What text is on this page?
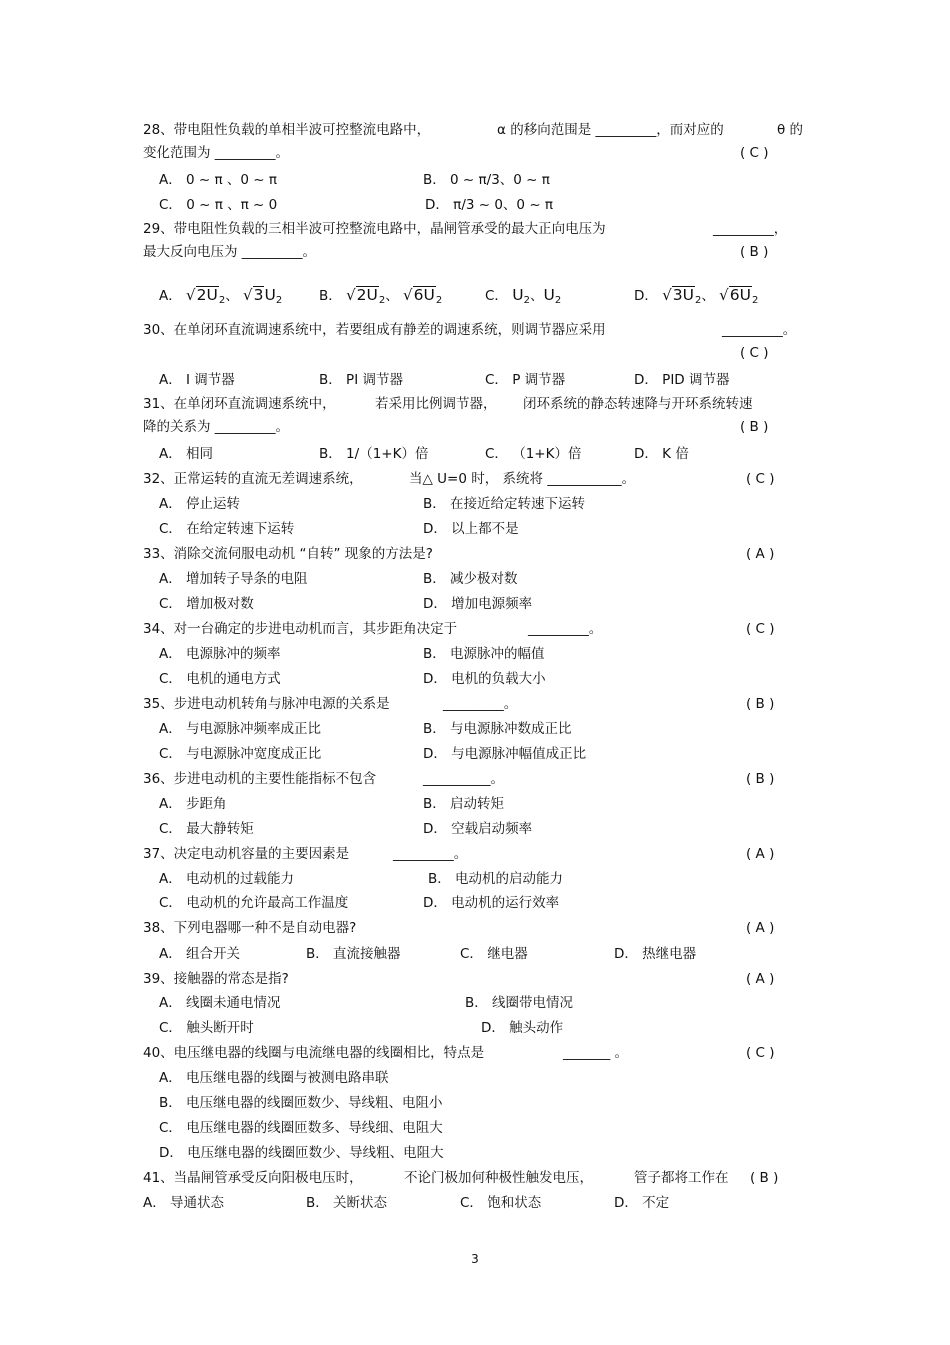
28、带电阻性负载的单相半波可控整流电路中，	α 的移向范围是 _________，而对应的	θ 的
变化范围为 _________。	( C )
A． 0 ~ π 、0 ~ π	B． 0 ~ π/3、0 ~ π
C． 0 ~ π 、π ~ 0	D． π/3 ~ 0、0 ~ π
29、带电阻性负载的三相半波可控整流电路中，晶闸管承受的最大正向电压为	_________，
最大反向电压为 _________。	( B )
A． $√2U_2$、 $√3U_2$	B． $√2U_2$、 $√6U_2$	C． $U_2$、$U_2$	D． $√3U_2$、 $√6U_2$
30、在单闭环直流调速系统中，若要组成有静差的调速系统，则调节器应采用	_________。
( C )
A． I 调节器	B． PI 调节器	C． P 调节器	D． PID 调节器
31、在单闭环直流调速系统中，	若采用比例调节器， 闭环系统的静态转速降与开环系统转速
降的关系为 _________。	( B )
A． 相同	B． 1/（1+K）倍	C． （1+K）倍	D． K 倍
32、正常运转的直流无差调速系统，	当△ U=0 时， 系统将 ___________。	( C )
A． 停止运转	B． 在接近给定转速下运转
C． 在给定转速下运转	D． 以上都不是
33、消除交流伺服电动机 “自转” 现象的方法是?	( A )
A． 增加转子导条的电阻	B． 减少极对数
C． 增加极对数	D． 增加电源频率
34、对一台确定的步进电动机而言，其步距角决定于	_________。	( C )
A． 电源脉冲的频率	B． 电源脉冲的幅值
C． 电机的通电方式	D． 电机的负载大小
35、步进电动机转角与脉冲电源的关系是	_________。	( B )
A． 与电源脉冲频率成正比	B． 与电源脉冲数成正比
C． 与电源脉冲宽度成正比	D． 与电源脉冲幅值成正比
36、步进电动机的主要性能指标不包含	__________。	( B )
A． 步距角	B． 启动转矩
C． 最大静转矩	D． 空载启动频率
37、决定电动机容量的主要因素是	_________。	( A )
A． 电动机的过载能力	B． 电动机的启动能力
C． 电动机的允许最高工作温度	D． 电动机的运行效率
38、下列电器哪一种不是自动电器?	( A )
A． 组合开关	B． 直流接触器	C． 继电器	D． 热继电器
39、接触器的常态是指?	( A )
A． 线圈未通电情况	B． 线圈带电情况
C． 触头断开时	D． 触头动作
40、电压继电器的线圈与电流继电器的线圈相比，特点是	_______ 。	( C )
A． 电压继电器的线圈与被测电路串联
B． 电压继电器的线圈匝数少、导线粗、电阻小
C． 电压继电器的线圈匝数多、导线细、电阻大
D． 电压继电器的线圈匝数少、导线粗、电阻大
41、当晶闸管承受反向阳极电压时，	不论门极加何种极性触发电压，	管子都将工作在 ( B )
A． 导通状态	B． 关断状态	C． 饱和状态	D． 不定
3
